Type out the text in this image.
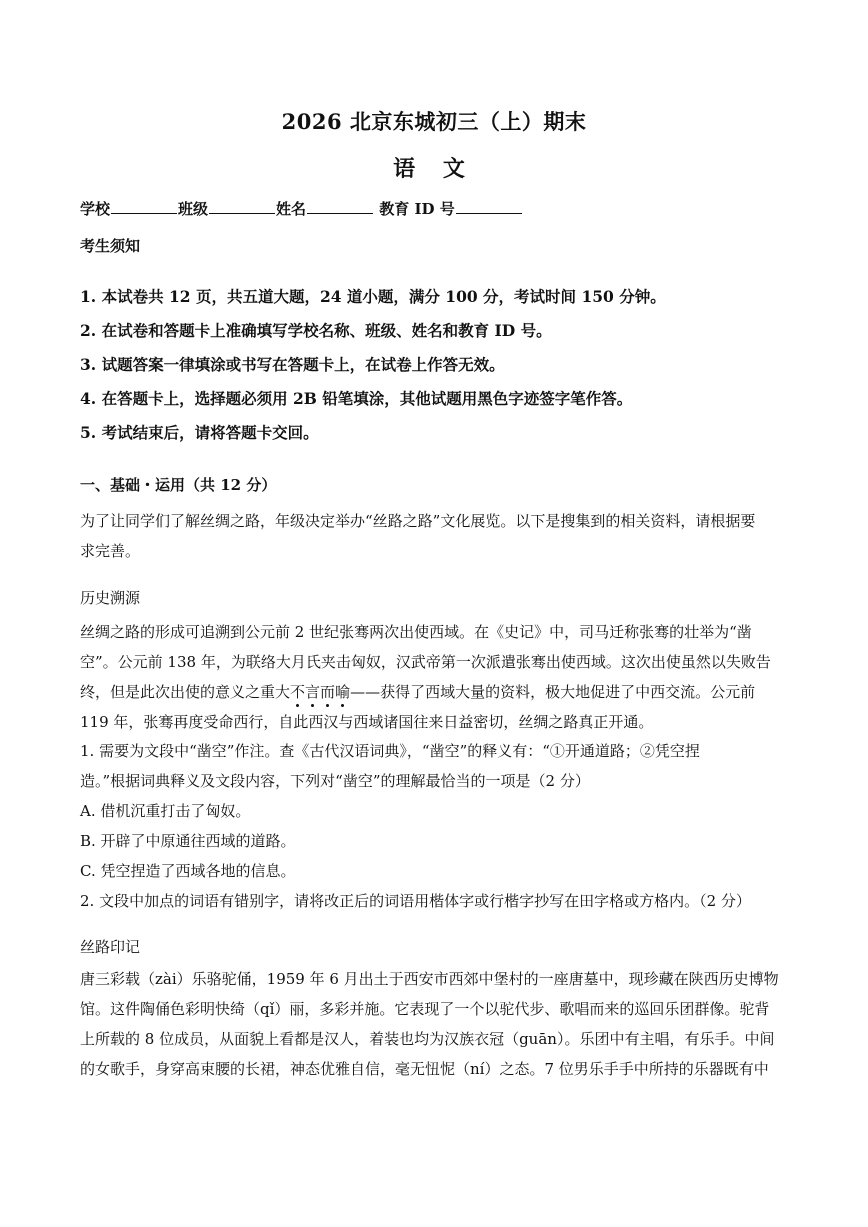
2026 北京东城初三（上）期末
语 文
学校	班级	姓名	教育 ID 号
考生须知
1. 本试卷共 12 页，共五道大题，24 道小题，满分 100 分，考试时间 150 分钟。
2. 在试卷和答题卡上准确填写学校名称、班级、姓名和教育 ID 号。
3. 试题答案一律填涂或书写在答题卡上，在试卷上作答无效。
4. 在答题卡上，选择题必须用 2B 铅笔填涂，其他试题用黑色字迹签字笔作答。
5. 考试结束后，请将答题卡交回。
一、基础・运用（共 12 分）
为了让同学们了解丝绸之路，年级决定举办“丝路之路”文化展览。以下是搜集到的相关资料，请根据要
求完善。
历史溯源
丝绸之路的形成可追溯到公元前 2 世纪张骞两次出使西域。在《史记》中，司马迁称张骞的壮举为“凿
空”。公元前 138 年，为联络大月氏夹击匈奴，汉武帝第一次派遣张骞出使西域。这次出使虽然以失败告
终，但是此次出使的意义之重大不言而喻——获得了西域大量的资料，极大地促进了中西交流。公元前
119 年，张骞再度受命西行，自此西汉与西域诸国往来日益密切，丝绸之路真正开通。
1. 需要为文段中“凿空”作注。查《古代汉语词典》，“凿空”的释义有：“①开通道路；②凭空捏
造。”根据词典释义及文段内容，下列对“凿空”的理解最恰当的一项是（2 分）
A. 借机沉重打击了匈奴。
B. 开辟了中原通往西域的道路。
C. 凭空捏造了西域各地的信息。
2. 文段中加点的词语有错别字，请将改正后的词语用楷体字或行楷字抄写在田字格或方格内。（2 分）
丝路印记
唐三彩载（zài）乐骆驼俑，1959 年 6 月出土于西安市西郊中堡村的一座唐墓中，现珍藏在陕西历史博物
馆。这件陶俑色彩明快绮（qǐ）丽，多彩并施。它表现了一个以驼代步、歌唱而来的巡回乐团群像。驼背
上所载的 8 位成员，从面貌上看都是汉人，着装也均为汉族衣冠（guān）。乐团中有主唱，有乐手。中间
的女歌手，身穿高束腰的长裙，神态优雅自信，毫无忸怩（ní）之态。7 位男乐手手中所持的乐器既有中
